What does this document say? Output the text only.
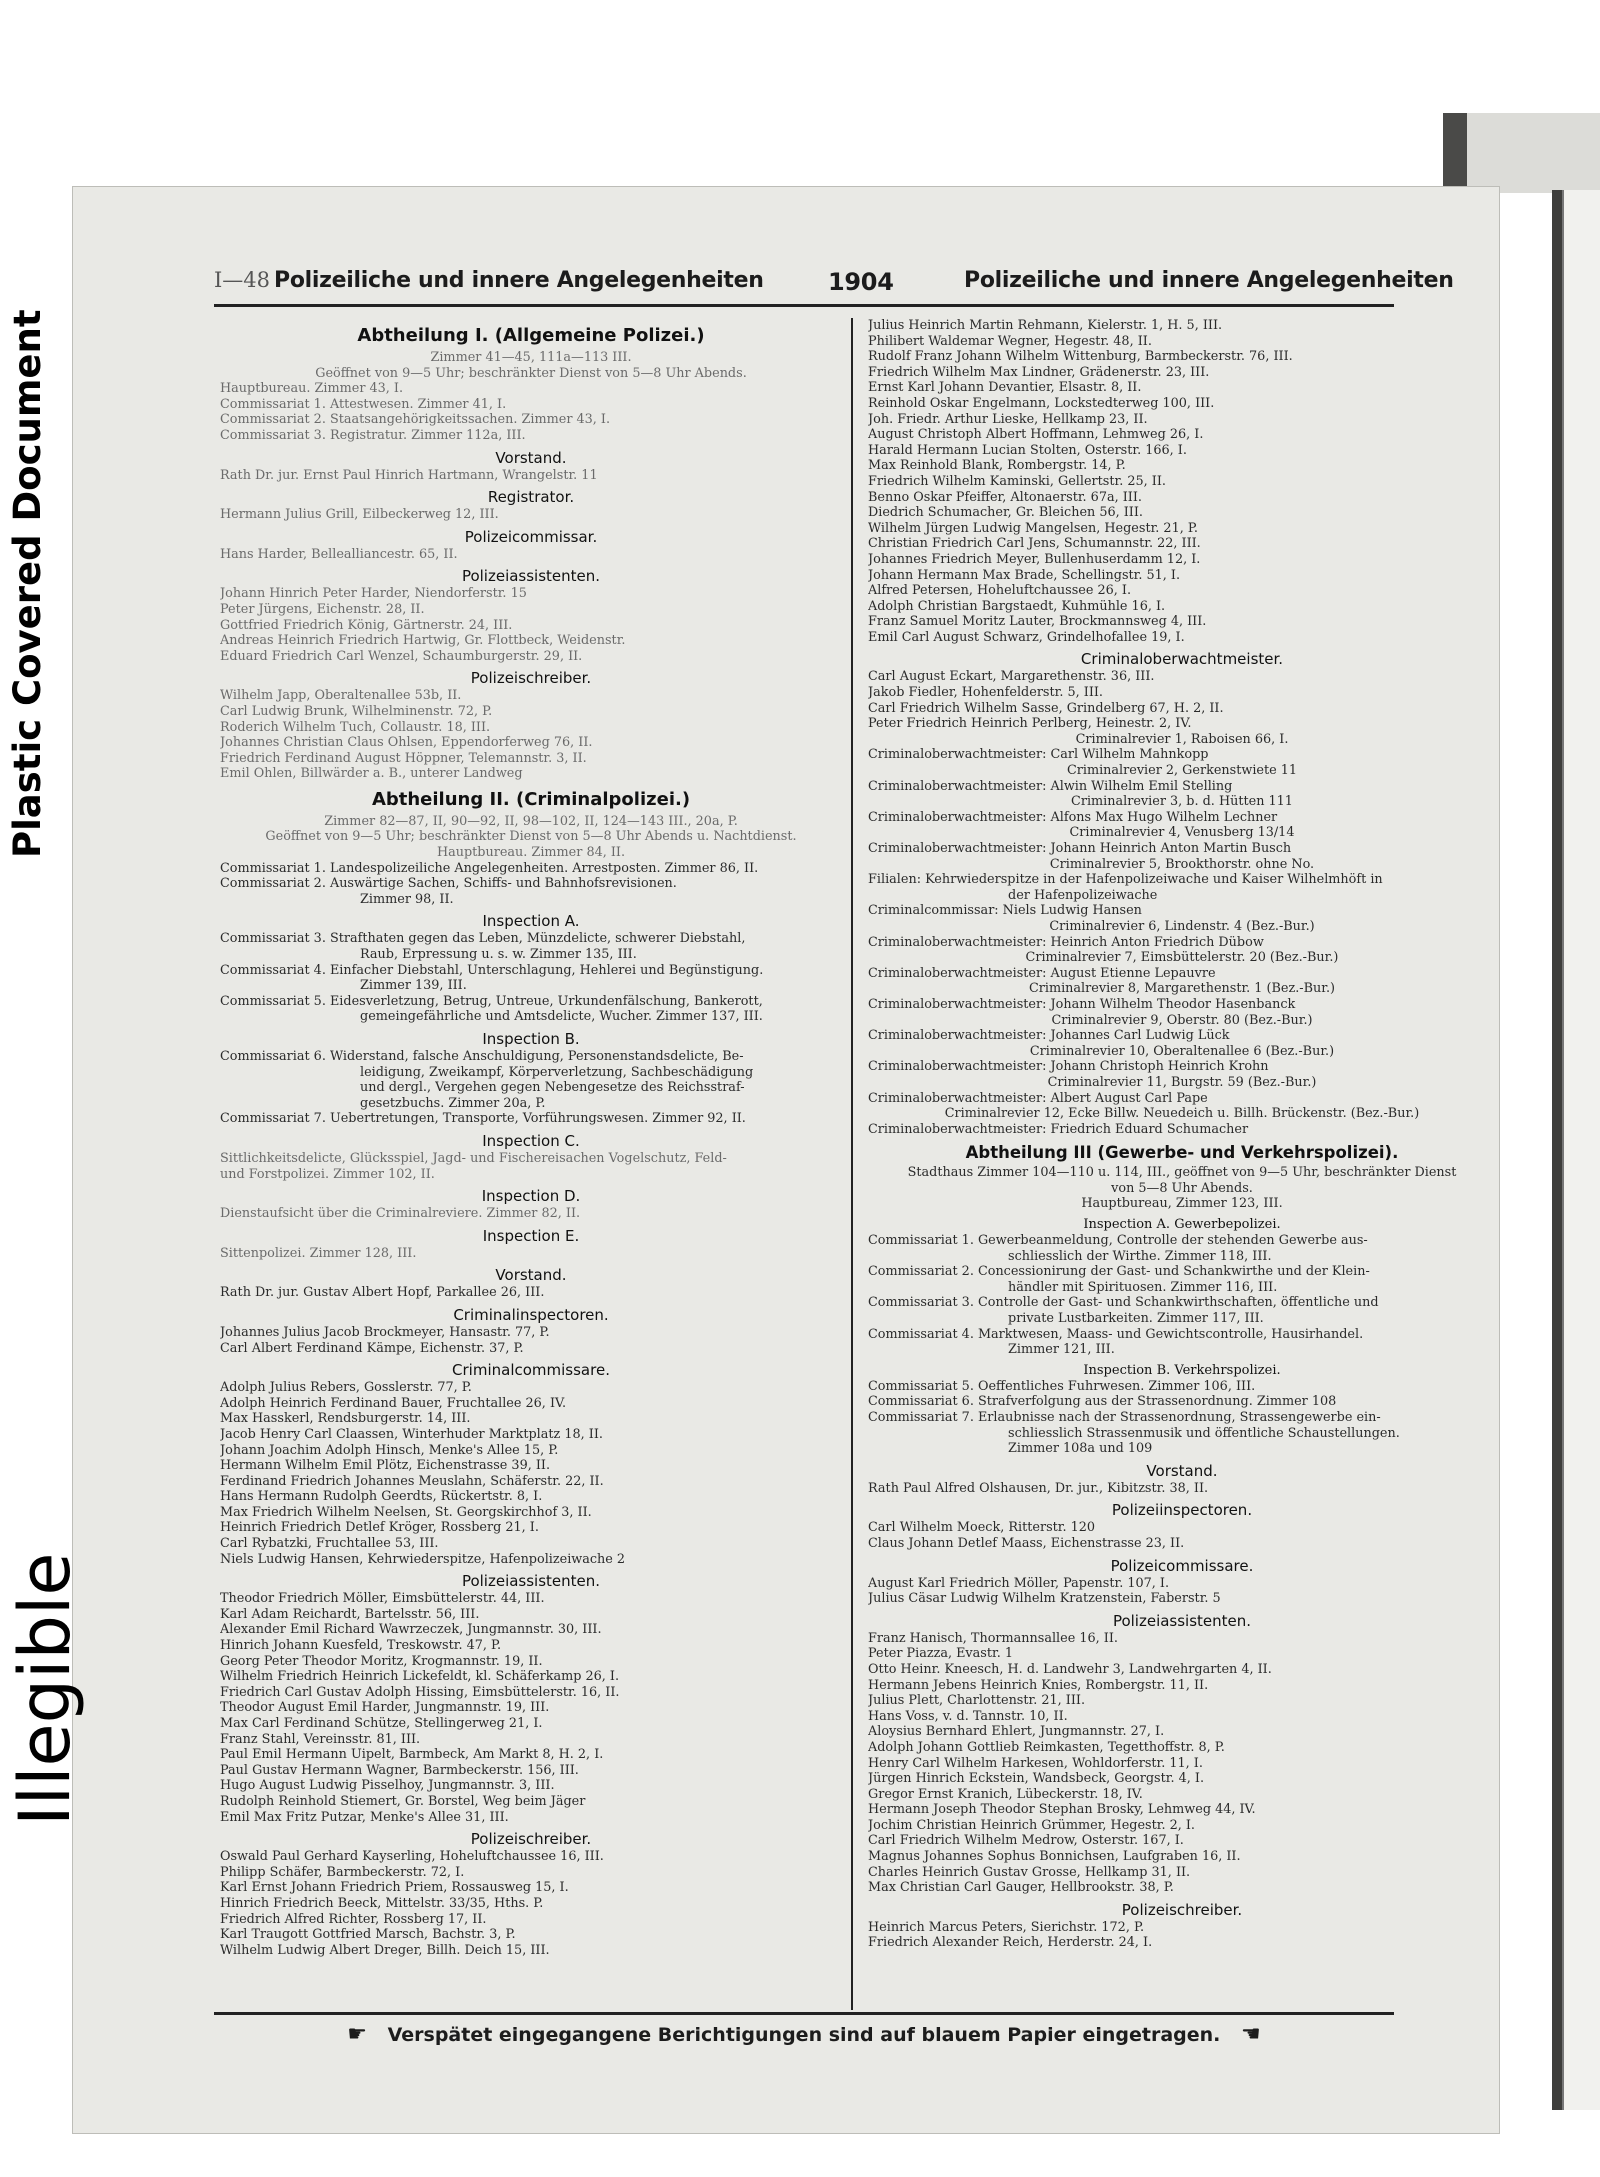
Plastic Covered Document
Illegible
I—48 Polizeiliche und innere Angelegenheiten	1904	Polizeiliche und innere Angelegenheiten
Abtheilung I. (Allgemeine Polizei.)
Zimmer 41—45, 111a—113 III.
Geöffnet von 9—5 Uhr; beschränkter Dienst von 5—8 Uhr Abends.
Hauptbureau. Zimmer 43, I.
Commissariat 1. Attestwesen. Zimmer 41, I.
Commissariat 2. Staatsangehörigkeitssachen. Zimmer 43, I.
Commissariat 3. Registratur. Zimmer 112a, III.
Vorstand.
Rath Dr. jur. Ernst Paul Hinrich Hartmann, Wrangelstr. 11
Registrator.
Hermann Julius Grill, Eilbeckerweg 12, III.
Polizeicommissar.
Hans Harder, Bellealliancestr. 65, II.
Polizeiassistenten.
Johann Hinrich Peter Harder, Niendorferstr. 15
Peter Jürgens, Eichenstr. 28, II.
Gottfried Friedrich König, Gärtnerstr. 24, III.
Andreas Heinrich Friedrich Hartwig, Gr. Flottbeck, Weidenstr.
Eduard Friedrich Carl Wenzel, Schaumburgerstr. 29, II.
Polizeischreiber.
Wilhelm Japp, Oberaltenallee 53b, II.
Carl Ludwig Brunk, Wilhelminenstr. 72, P.
Roderich Wilhelm Tuch, Collaustr. 18, III.
Johannes Christian Claus Ohlsen, Eppendorferweg 76, II.
Friedrich Ferdinand August Höppner, Telemannstr. 3, II.
Emil Ohlen, Billwärder a. B., unterer Landweg
Abtheilung II. (Criminalpolizei.)
Zimmer 82—87, II, 90—92, II, 98—102, II, 124—143 III., 20a, P.
Geöffnet von 9—5 Uhr; beschränkter Dienst von 5—8 Uhr Abends u. Nachtdienst.
Hauptbureau. Zimmer 84, II.
Commissariat 1. Landespolizeiliche Angelegenheiten. Arrestposten. Zimmer 86, II.
Commissariat 2. Auswärtige Sachen, Schiffs- und Bahnhofsrevisionen.
Zimmer 98, II.
Inspection A.
Commissariat 3. Strafthaten gegen das Leben, Münzdelicte, schwerer Diebstahl,
Raub, Erpressung u. s. w. Zimmer 135, III.
Commissariat 4. Einfacher Diebstahl, Unterschlagung, Hehlerei und Begünstigung.
Zimmer 139, III.
Commissariat 5. Eidesverletzung, Betrug, Untreue, Urkundenfälschung, Bankerott,
gemeingefährliche und Amtsdelicte, Wucher. Zimmer 137, III.
Inspection B.
Commissariat 6. Widerstand, falsche Anschuldigung, Personenstandsdelicte, Be-
leidigung, Zweikampf, Körperverletzung, Sachbeschädigung
und dergl., Vergehen gegen Nebengesetze des Reichsstraf-
gesetzbuchs. Zimmer 20a, P.
Commissariat 7. Uebertretungen, Transporte, Vorführungswesen. Zimmer 92, II.
Inspection C.
Sittlichkeitsdelicte, Glücksspiel, Jagd- und Fischereisachen Vogelschutz, Feld-
und Forstpolizei. Zimmer 102, II.
Inspection D.
Dienstaufsicht über die Criminalreviere. Zimmer 82, II.
Inspection E.
Sittenpolizei. Zimmer 128, III.
Vorstand.
Rath Dr. jur. Gustav Albert Hopf, Parkallee 26, III.
Criminalinspectoren.
Johannes Julius Jacob Brockmeyer, Hansastr. 77, P.
Carl Albert Ferdinand Kämpe, Eichenstr. 37, P.
Criminalcommissare.
Adolph Julius Rebers, Gosslerstr. 77, P.
Adolph Heinrich Ferdinand Bauer, Fruchtallee 26, IV.
Max Hasskerl, Rendsburgerstr. 14, III.
Jacob Henry Carl Claassen, Winterhuder Marktplatz 18, II.
Johann Joachim Adolph Hinsch, Menke's Allee 15, P.
Hermann Wilhelm Emil Plötz, Eichenstrasse 39, II.
Ferdinand Friedrich Johannes Meuslahn, Schäferstr. 22, II.
Hans Hermann Rudolph Geerdts, Rückertstr. 8, I.
Max Friedrich Wilhelm Neelsen, St. Georgskirchhof 3, II.
Heinrich Friedrich Detlef Kröger, Rossberg 21, I.
Carl Rybatzki, Fruchtallee 53, III.
Niels Ludwig Hansen, Kehrwiederspitze, Hafenpolizeiwache 2
Polizeiassistenten.
Theodor Friedrich Möller, Eimsbüttelerstr. 44, III.
Karl Adam Reichardt, Bartelsstr. 56, III.
Alexander Emil Richard Wawrzeczek, Jungmannstr. 30, III.
Hinrich Johann Kuesfeld, Treskowstr. 47, P.
Georg Peter Theodor Moritz, Krogmannstr. 19, II.
Wilhelm Friedrich Heinrich Lickefeldt, kl. Schäferkamp 26, I.
Friedrich Carl Gustav Adolph Hissing, Eimsbüttelerstr. 16, II.
Theodor August Emil Harder, Jungmannstr. 19, III.
Max Carl Ferdinand Schütze, Stellingerweg 21, I.
Franz Stahl, Vereinsstr. 81, III.
Paul Emil Hermann Uipelt, Barmbeck, Am Markt 8, H. 2, I.
Paul Gustav Hermann Wagner, Barmbeckerstr. 156, III.
Hugo August Ludwig Pisselhoy, Jungmannstr. 3, III.
Rudolph Reinhold Stiemert, Gr. Borstel, Weg beim Jäger
Emil Max Fritz Putzar, Menke's Allee 31, III.
Polizeischreiber.
Oswald Paul Gerhard Kayserling, Hoheluftchaussee 16, III.
Philipp Schäfer, Barmbeckerstr. 72, I.
Karl Ernst Johann Friedrich Priem, Rossausweg 15, I.
Hinrich Friedrich Beeck, Mittelstr. 33/35, Hths. P.
Friedrich Alfred Richter, Rossberg 17, II.
Karl Traugott Gottfried Marsch, Bachstr. 3, P.
Wilhelm Ludwig Albert Dreger, Billh. Deich 15, III.
Julius Heinrich Martin Rehmann, Kielerstr. 1, H. 5, III.
Philibert Waldemar Wegner, Hegestr. 48, II.
Rudolf Franz Johann Wilhelm Wittenburg, Barmbeckerstr. 76, III.
Friedrich Wilhelm Max Lindner, Grädenerstr. 23, III.
Ernst Karl Johann Devantier, Elsastr. 8, II.
Reinhold Oskar Engelmann, Lockstedterweg 100, III.
Joh. Friedr. Arthur Lieske, Hellkamp 23, II.
August Christoph Albert Hoffmann, Lehmweg 26, I.
Harald Hermann Lucian Stolten, Osterstr. 166, I.
Max Reinhold Blank, Rombergstr. 14, P.
Friedrich Wilhelm Kaminski, Gellertstr. 25, II.
Benno Oskar Pfeiffer, Altonaerstr. 67a, III.
Diedrich Schumacher, Gr. Bleichen 56, III.
Wilhelm Jürgen Ludwig Mangelsen, Hegestr. 21, P.
Christian Friedrich Carl Jens, Schumannstr. 22, III.
Johannes Friedrich Meyer, Bullenhuserdamm 12, I.
Johann Hermann Max Brade, Schellingstr. 51, I.
Alfred Petersen, Hoheluftchaussee 26, I.
Adolph Christian Bargstaedt, Kuhmühle 16, I.
Franz Samuel Moritz Lauter, Brockmannsweg 4, III.
Emil Carl August Schwarz, Grindelhofallee 19, I.
Criminaloberwachtmeister.
Carl August Eckart, Margarethenstr. 36, III.
Jakob Fiedler, Hohenfelderstr. 5, III.
Carl Friedrich Wilhelm Sasse, Grindelberg 67, H. 2, II.
Peter Friedrich Heinrich Perlberg, Heinestr. 2, IV.
Criminalrevier 1, Raboisen 66, I.
Criminaloberwachtmeister: Carl Wilhelm Mahnkopp
Criminalrevier 2, Gerkenstwiete 11
Criminaloberwachtmeister: Alwin Wilhelm Emil Stelling
Criminalrevier 3, b. d. Hütten 111
Criminaloberwachtmeister: Alfons Max Hugo Wilhelm Lechner
Criminalrevier 4, Venusberg 13/14
Criminaloberwachtmeister: Johann Heinrich Anton Martin Busch
Criminalrevier 5, Brookthorstr. ohne No.
Filialen: Kehrwiederspitze in der Hafenpolizeiwache und Kaiser Wilhelmhöft in
der Hafenpolizeiwache
Criminalcommissar: Niels Ludwig Hansen
Criminalrevier 6, Lindenstr. 4 (Bez.-Bur.)
Criminaloberwachtmeister: Heinrich Anton Friedrich Dübow
Criminalrevier 7, Eimsbüttelerstr. 20 (Bez.-Bur.)
Criminaloberwachtmeister: August Etienne Lepauvre
Criminalrevier 8, Margarethenstr. 1 (Bez.-Bur.)
Criminaloberwachtmeister: Johann Wilhelm Theodor Hasenbanck
Criminalrevier 9, Oberstr. 80 (Bez.-Bur.)
Criminaloberwachtmeister: Johannes Carl Ludwig Lück
Criminalrevier 10, Oberaltenallee 6 (Bez.-Bur.)
Criminaloberwachtmeister: Johann Christoph Heinrich Krohn
Criminalrevier 11, Burgstr. 59 (Bez.-Bur.)
Criminaloberwachtmeister: Albert August Carl Pape
Criminalrevier 12, Ecke Billw. Neuedeich u. Billh. Brückenstr. (Bez.-Bur.)
Criminaloberwachtmeister: Friedrich Eduard Schumacher
Abtheilung III (Gewerbe- und Verkehrspolizei).
Stadthaus Zimmer 104—110 u. 114, III., geöffnet von 9—5 Uhr, beschränkter Dienst
von 5—8 Uhr Abends.
Hauptbureau, Zimmer 123, III.
Inspection A. Gewerbepolizei.
Commissariat 1. Gewerbeanmeldung, Controlle der stehenden Gewerbe aus-
schliesslich der Wirthe. Zimmer 118, III.
Commissariat 2. Concessionirung der Gast- und Schankwirthe und der Klein-
händler mit Spirituosen. Zimmer 116, III.
Commissariat 3. Controlle der Gast- und Schankwirthschaften, öffentliche und
private Lustbarkeiten. Zimmer 117, III.
Commissariat 4. Marktwesen, Maass- und Gewichtscontrolle, Hausirhandel.
Zimmer 121, III.
Inspection B. Verkehrspolizei.
Commissariat 5. Oeffentliches Fuhrwesen. Zimmer 106, III.
Commissariat 6. Strafverfolgung aus der Strassenordnung. Zimmer 108
Commissariat 7. Erlaubnisse nach der Strassenordnung, Strassengewerbe ein-
schliesslich Strassenmusik und öffentliche Schaustellungen.
Zimmer 108a und 109
Vorstand.
Rath Paul Alfred Olshausen, Dr. jur., Kibitzstr. 38, II.
Polizeiinspectoren.
Carl Wilhelm Moeck, Ritterstr. 120
Claus Johann Detlef Maass, Eichenstrasse 23, II.
Polizeicommissare.
August Karl Friedrich Möller, Papenstr. 107, I.
Julius Cäsar Ludwig Wilhelm Kratzenstein, Faberstr. 5
Polizeiassistenten.
Franz Hanisch, Thormannsallee 16, II.
Peter Piazza, Evastr. 1
Otto Heinr. Kneesch, H. d. Landwehr 3, Landwehrgarten 4, II.
Hermann Jebens Heinrich Knies, Rombergstr. 11, II.
Julius Plett, Charlottenstr. 21, III.
Hans Voss, v. d. Tannstr. 10, II.
Aloysius Bernhard Ehlert, Jungmannstr. 27, I.
Adolph Johann Gottlieb Reimkasten, Tegetthoffstr. 8, P.
Henry Carl Wilhelm Harkesen, Wohldorferstr. 11, I.
Jürgen Hinrich Eckstein, Wandsbeck, Georgstr. 4, I.
Gregor Ernst Kranich, Lübeckerstr. 18, IV.
Hermann Joseph Theodor Stephan Brosky, Lehmweg 44, IV.
Jochim Christian Heinrich Grümmer, Hegestr. 2, I.
Carl Friedrich Wilhelm Medrow, Osterstr. 167, I.
Magnus Johannes Sophus Bonnichsen, Laufgraben 16, II.
Charles Heinrich Gustav Grosse, Hellkamp 31, II.
Max Christian Carl Gauger, Hellbrookstr. 38, P.
Polizeischreiber.
Heinrich Marcus Peters, Sierichstr. 172, P.
Friedrich Alexander Reich, Herderstr. 24, I.
☛ Verspätet eingegangene Berichtigungen sind auf blauem Papier eingetragen. ☚
